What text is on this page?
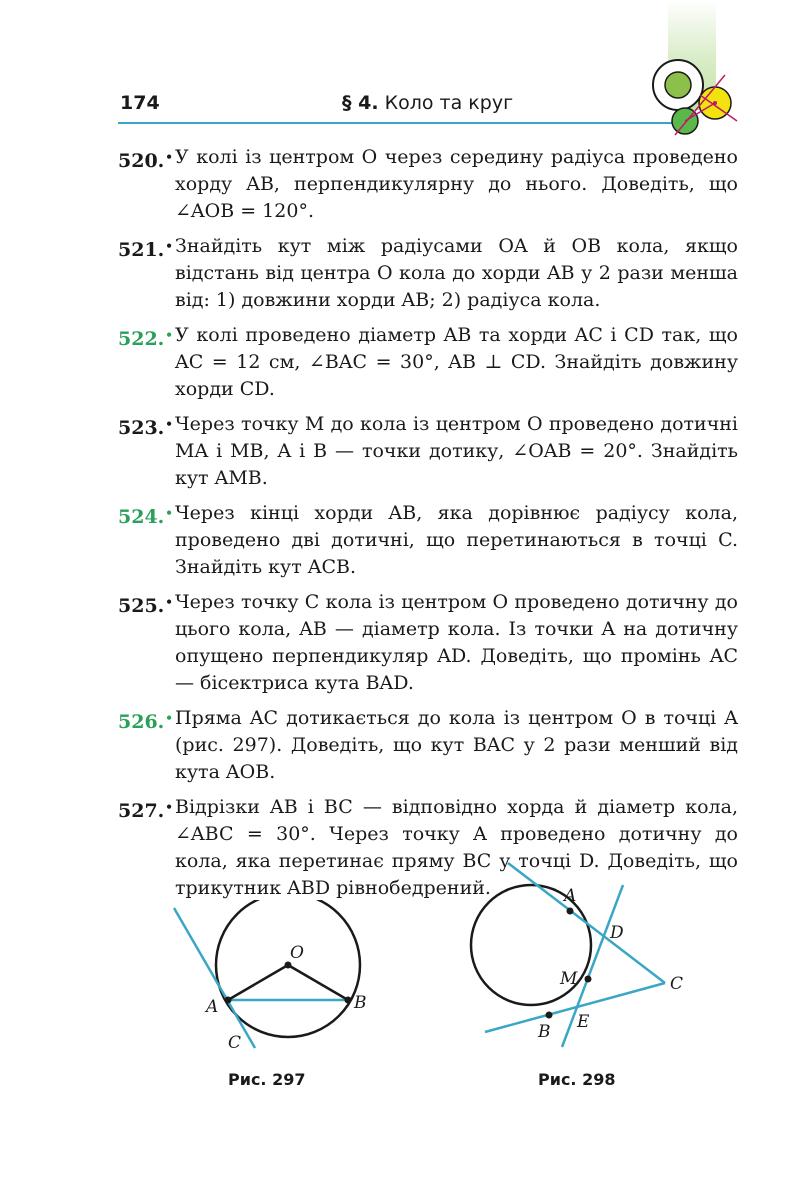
174	§ 4. Коло та круг
520.• У колі із центром O через середину радіуса проведено хорду AB, перпендикулярну до нього. Доведіть, що ∠AOB = 120°.
521.• Знайдіть кут між радіусами OA й OB кола, якщо відстань від центра O кола до хорди AB у 2 рази менша від: 1) довжини хорди AB; 2) радіуса кола.
522.• У колі проведено діаметр AB та хорди AC і CD так, що AC = 12 см, ∠BAC = 30°, AB ⊥ CD. Знайдіть довжину хорди CD.
523.• Через точку M до кола із центром O проведено дотичні MA і MB, A і B — точки дотику, ∠OAB = 20°. Знайдіть кут AMB.
524.• Через кінці хорди AB, яка дорівнює радіусу кола, проведено дві дотичні, що перетинаються в точці C. Знайдіть кут ACB.
525.• Через точку C кола із центром O проведено дотичну до цього кола, AB — діаметр кола. Із точки A на дотичну опущено перпендикуляр AD. Доведіть, що промінь AC — бісектриса кута BAD.
526.• Пряма AC дотикається до кола із центром O в точці A (рис. 297). Доведіть, що кут BAC у 2 рази менший від кута AOB.
527.• Відрізки AB і BC — відповідно хорда й діаметр кола, ∠ABC = 30°. Через точку A проведено дотичну до кола, яка перетинає пряму BC у точці D. Доведіть, що трикутник ABD рівнобедрений.
O
A	B
C
Рис. 297
A
D
M	C
E
B
Рис. 298
